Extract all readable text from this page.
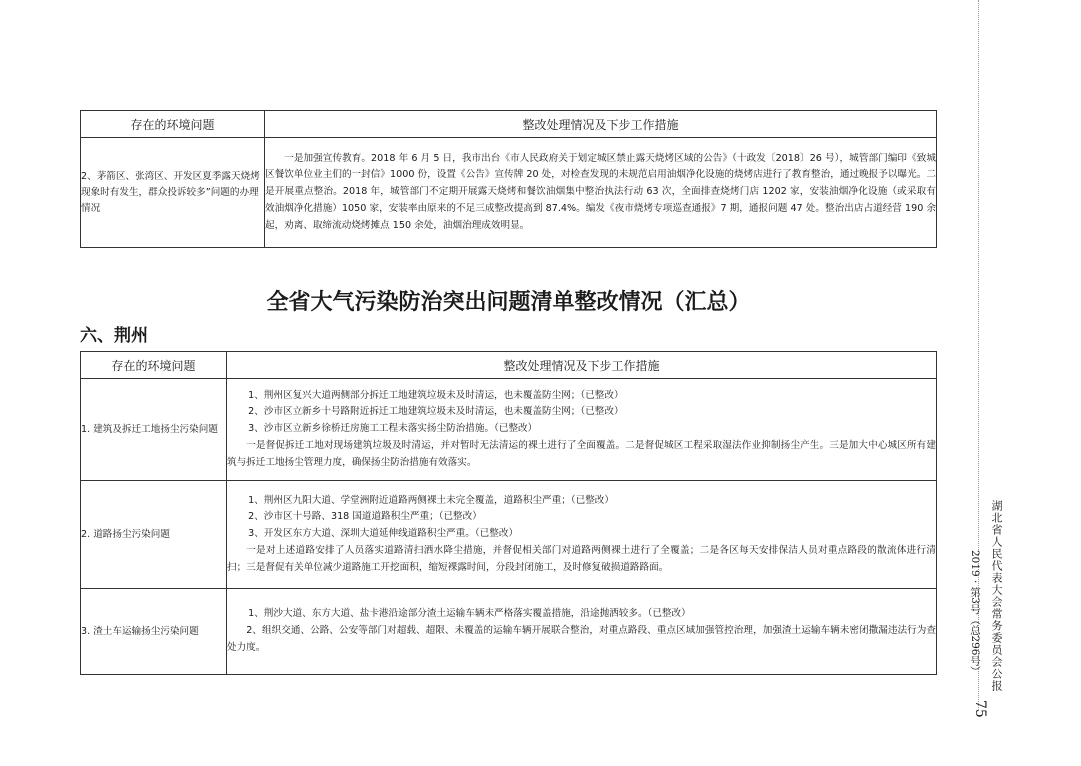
存在的环境问题	整改处理情况及下步工作措施
2、茅箭区、张湾区、开发区夏季露天烧烤现象时有发生，群众投诉较多”问题的办理情况	一是加强宣传教育。2018 年 6 月 5 日，我市出台《市人民政府关于划定城区禁止露天烧烤区域的公告》（十政发〔2018〕26 号），城管部门编印《致城区餐饮单位业主们的一封信》1000 份，设置《公告》宣传牌 20 处，对检查发现的未规范启用油烟净化设施的烧烤店进行了教育整治，通过晚报予以曝光。二是开展重点整治。2018 年，城管部门不定期开展露天烧烤和餐饮油烟集中整治执法行动 63 次，全面排查烧烤门店 1202 家，安装油烟净化设施（或采取有效油烟净化措施）1050 家，安装率由原来的不足三成整改提高到 87.4%。编发《夜市烧烤专项巡查通报》7 期，通报问题 47 处。整治出店占道经营 190 余起，劝离、取缔流动烧烤摊点 150 余处，油烟治理成效明显。
全省大气污染防治突出问题清单整改情况（汇总）
六、荆州
存在的环境问题	整改处理情况及下步工作措施
1. 建筑及拆迁工地扬尘污染问题	1、荆州区复兴大道两侧部分拆迁工地建筑垃圾未及时清运，也未覆盖防尘网；（已整改）
2、沙市区立新乡十号路附近拆迁工地建筑垃圾未及时清运，也未覆盖防尘网；（已整改）
3、沙市区立新乡徐桥迁房施工工程未落实扬尘防治措施。（已整改）
一是督促拆迁工地对现场建筑垃圾及时清运，并对暂时无法清运的裸土进行了全面覆盖。二是督促城区工程采取湿法作业抑制扬尘产生。三是加大中心城区所有建筑与拆迁工地扬尘管理力度，确保扬尘防治措施有效落实。

2. 道路扬尘污染问题	1、荆州区九阳大道、学堂洲附近道路两侧裸土未完全覆盖，道路积尘严重；（已整改）
2、沙市区十号路、318 国道道路积尘严重；（已整改）
3、开发区东方大道、深圳大道延伸线道路积尘严重。（已整改）
一是对上述道路安排了人员落实道路清扫洒水降尘措施，并督促相关部门对道路两侧裸土进行了全覆盖；二是各区每天安排保洁人员对重点路段的散流体进行清扫；三是督促有关单位减少道路施工开挖面积，缩短裸露时间，分段封闭施工，及时修复破损道路路面。

3. 渣土车运输扬尘污染问题	1、荆沙大道、东方大道、盐卡港沿途部分渣土运输车辆未严格落实覆盖措施，沿途抛洒较多。（已整改）
2、组织交通、公路、公安等部门对超载、超限、未覆盖的运输车辆开展联合整治，对重点路段、重点区域加强管控治理，加强渣土运输车辆未密闭撒漏违法行为查处力度。	湖北省人民代表大会常务委员会公报
2019 · 第3号（总296号）
75
